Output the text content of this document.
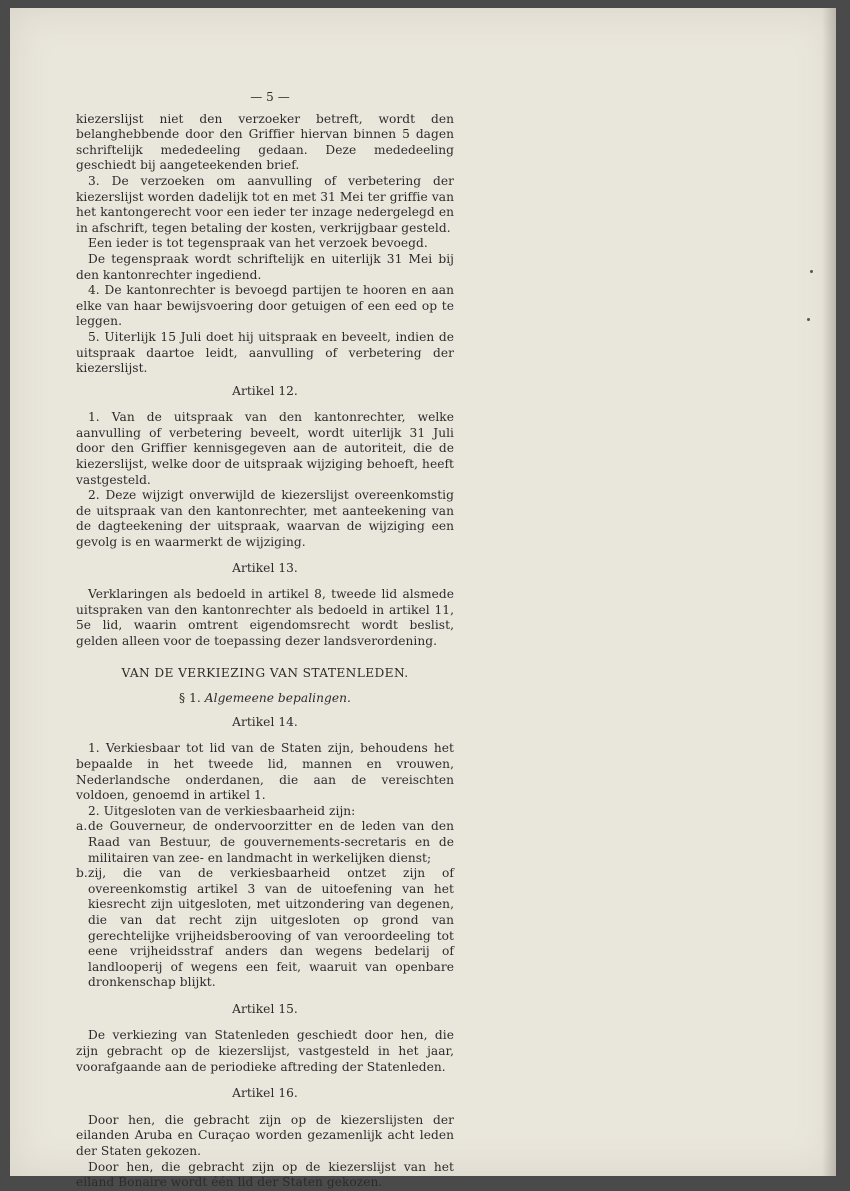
— 5 —

kiezerslijst niet den verzoeker betreft, wordt den belanghebbende door den Griffier hiervan binnen 5 dagen schriftelijk mededeeling gedaan. Deze mededeeling geschiedt bij aangeteekenden brief.

3. De verzoeken om aanvulling of verbetering der kiezerslijst worden dadelijk tot en met 31 Mei ter griffie van het kantongerecht voor een ieder ter inzage nedergelegd en in afschrift, tegen betaling der kosten, verkrijgbaar gesteld.

Een ieder is tot tegenspraak van het verzoek bevoegd.

De tegenspraak wordt schriftelijk en uiterlijk 31 Mei bij den kantonrechter ingediend.

4. De kantonrechter is bevoegd partijen te hooren en aan elke van haar bewijsvoering door getuigen of een eed op te leggen.

5. Uiterlijk 15 Juli doet hij uitspraak en beveelt, indien de uitspraak daartoe leidt, aanvulling of verbetering der kiezerslijst.

Artikel 12.

1. Van de uitspraak van den kantonrechter, welke aanvulling of verbetering beveelt, wordt uiterlijk 31 Juli door den Griffier kennisgegeven aan de autoriteit, die de kiezerslijst, welke door de uitspraak wijziging behoeft, heeft vastgesteld.

2. Deze wijzigt onverwijld de kiezerslijst overeenkomstig de uitspraak van den kantonrechter, met aanteekening van de dagteekening der uitspraak, waarvan de wijziging een gevolg is en waarmerkt de wijziging.

Artikel 13.

Verklaringen als bedoeld in artikel 8, tweede lid alsmede uitspraken van den kantonrechter als bedoeld in artikel 11, 5e lid, waarin omtrent eigendomsrecht wordt beslist, gelden alleen voor de toepassing dezer landsverordening.

VAN DE VERKIEZING VAN STATENLEDEN.
§ 1. Algemeene bepalingen.
Artikel 14.

1. Verkiesbaar tot lid van de Staten zijn, behoudens het bepaalde in het tweede lid, mannen en vrouwen, Nederlandsche onderdanen, die aan de vereischten voldoen, genoemd in artikel 1.

2. Uitgesloten van de verkiesbaarheid zijn:

a. de Gouverneur, de ondervoorzitter en de leden van den Raad van Bestuur, de gouvernements-secretaris en de militairen van zee- en landmacht in werkelijken dienst;
b. zij, die van de verkiesbaarheid ontzet zijn of overeenkomstig artikel 3 van de uitoefening van het kiesrecht zijn uitgesloten, met uitzondering van degenen, die van dat recht zijn uitgesloten op grond van gerechtelijke vrijheidsberooving of van veroordeeling tot eene vrijheidsstraf anders dan wegens bedelarij of landlooperij of wegens een feit, waaruit van openbare dronkenschap blijkt.
Artikel 15.

De verkiezing van Statenleden geschiedt door hen, die zijn gebracht op de kiezerslijst, vastgesteld in het jaar, voorafgaande aan de periodieke aftreding der Statenleden.

Artikel 16.

Door hen, die gebracht zijn op de kiezerslijsten der eilanden Aruba en Curaçao worden gezamenlijk acht leden der Staten gekozen.

Door hen, die gebracht zijn op de kiezerslijst van het eiland Bonaire wordt één lid der Staten gekozen.
